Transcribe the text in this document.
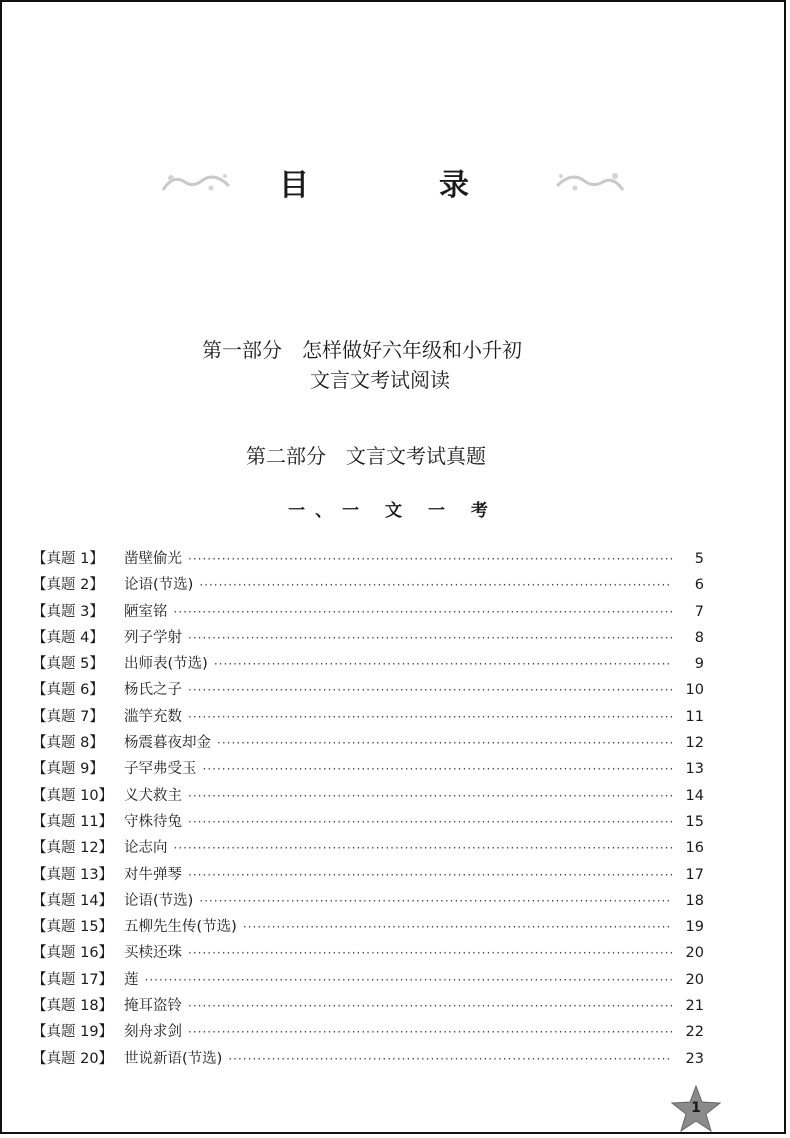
目　录
第一部分 怎样做好六年级和小升初
文言文考试阅读
第二部分 文言文考试真题
一、一 文 一 考
【真题 1】	凿壁偷光 ·····	5
【真题 2】	论语(节选) ·····	6
【真题 3】	陋室铭 ·····	7
【真题 4】	列子学射 ·····	8
【真题 5】	出师表(节选) ·····	9
【真题 6】	杨氏之子 ·····	10
【真题 7】	滥竽充数 ·····	11
【真题 8】	杨震暮夜却金 ·····	12
【真题 9】	子罕弗受玉 ·····	13
【真题 10】 义犬救主 ·····	14
【真题 11】 守株待兔 ·····	15
【真题 12】 论志向 ·····	16
【真题 13】 对牛弹琴 ·····	17
【真题 14】 论语(节选) ·····	18
【真题 15】 五柳先生传(节选) ·····	19
【真题 16】 买椟还珠 ·····	20
【真题 17】 莲 ·····	20
【真题 18】 掩耳盗铃 ·····	21
【真题 19】 刻舟求剑 ·····	22
【真题 20】 世说新语(节选) ·····	23
1
